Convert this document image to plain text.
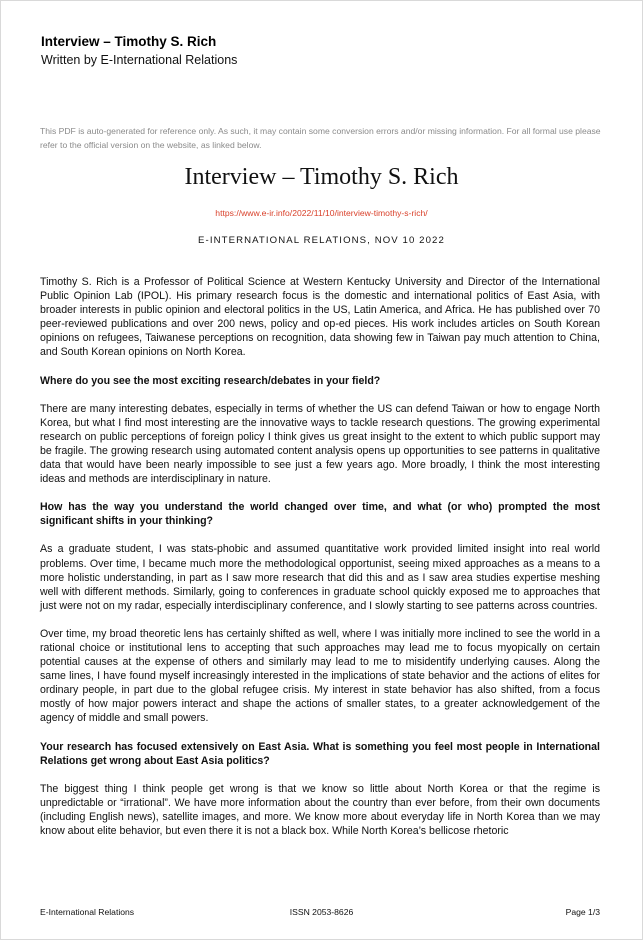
Interview – Timothy S. Rich
Written by E-International Relations
This PDF is auto-generated for reference only. As such, it may contain some conversion errors and/or missing information. For all formal use please refer to the official version on the website, as linked below.
Interview – Timothy S. Rich
https://www.e-ir.info/2022/11/10/interview-timothy-s-rich/
E-INTERNATIONAL RELATIONS, NOV 10 2022

Timothy S. Rich is a Professor of Political Science at Western Kentucky University and Director of the International Public Opinion Lab (IPOL). His primary research focus is the domestic and international politics of East Asia, with broader interests in public opinion and electoral politics in the US, Latin America, and Africa. He has published over 70 peer-reviewed publications and over 200 news, policy and op-ed pieces. His work includes articles on South Korean opinions on refugees, Taiwanese perceptions on recognition, data showing few in Taiwan pay much attention to China, and South Korean opinions on North Korea.

Where do you see the most exciting research/debates in your field?

There are many interesting debates, especially in terms of whether the US can defend Taiwan or how to engage North Korea, but what I find most interesting are the innovative ways to tackle research questions. The growing experimental research on public perceptions of foreign policy I think gives us great insight to the extent to which public support may be fragile. The growing research using automated content analysis opens up opportunities to see patterns in qualitative data that would have been nearly impossible to see just a few years ago. More broadly, I think the most interesting ideas and methods are interdisciplinary in nature.

How has the way you understand the world changed over time, and what (or who) prompted the most significant shifts in your thinking?

As a graduate student, I was stats-phobic and assumed quantitative work provided limited insight into real world problems. Over time, I became much more the methodological opportunist, seeing mixed approaches as a means to a more holistic understanding, in part as I saw more research that did this and as I saw area studies expertise meshing well with different methods. Similarly, going to conferences in graduate school quickly exposed me to approaches that just were not on my radar, especially interdisciplinary conference, and I slowly starting to see patterns across countries.

Over time, my broad theoretic lens has certainly shifted as well, where I was initially more inclined to see the world in a rational choice or institutional lens to accepting that such approaches may lead me to focus myopically on certain potential causes at the expense of others and similarly may lead to me to misidentify underlying causes. Along the same lines, I have found myself increasingly interested in the implications of state behavior and the actions of elites for ordinary people, in part due to the global refugee crisis. My interest in state behavior has also shifted, from a focus mostly of how major powers interact and shape the actions of smaller states, to a greater acknowledgement of the agency of middle and small powers.

Your research has focused extensively on East Asia. What is something you feel most people in International Relations get wrong about East Asia politics?

The biggest thing I think people get wrong is that we know so little about North Korea or that the regime is unpredictable or “irrational”. We have more information about the country than ever before, from their own documents (including English news), satellite images, and more. We know more about everyday life in North Korea than we may know about elite behavior, but even there it is not a black box. While North Korea’s bellicose rhetoric

E-International Relations	ISSN 2053-8626	Page 1/3
